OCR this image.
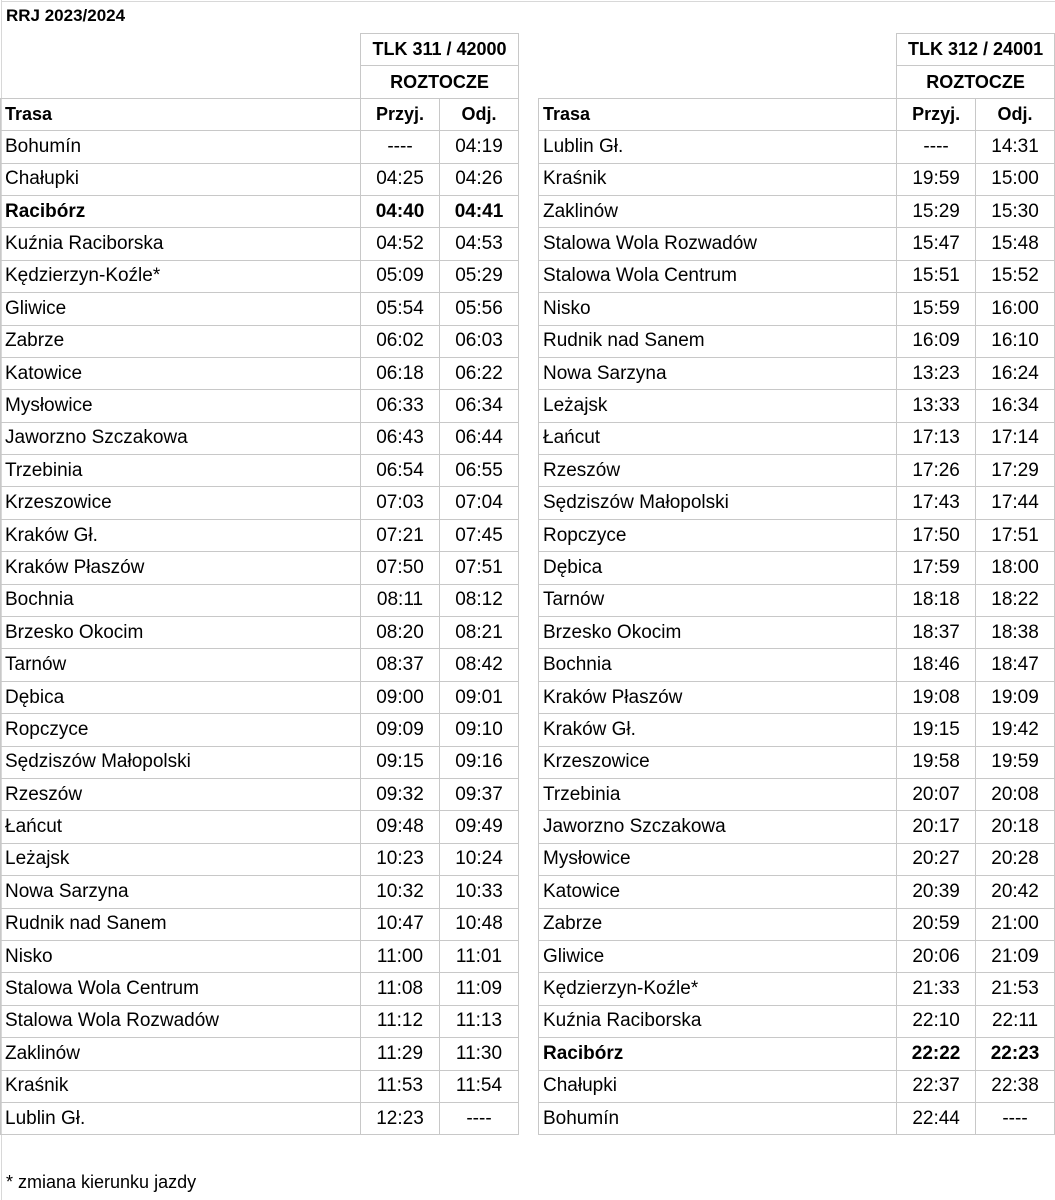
RRJ 2023/2024
	TLK 311 / 42000	
	ROZTOCZE	
Trasa	Przyj.	Odj.
Bohumín	----	04:19
Chałupki	04:25	04:26
Racibórz	04:40	04:41
Kuźnia Raciborska	04:52	04:53
Kędzierzyn-Koźle*	05:09	05:29
Gliwice	05:54	05:56
Zabrze	06:02	06:03
Katowice	06:18	06:22
Mysłowice	06:33	06:34
Jaworzno Szczakowa	06:43	06:44
Trzebinia	06:54	06:55
Krzeszowice	07:03	07:04
Kraków Gł.	07:21	07:45
Kraków Płaszów	07:50	07:51
Bochnia	08:11	08:12
Brzesko Okocim	08:20	08:21
Tarnów	08:37	08:42
Dębica	09:00	09:01
Ropczyce	09:09	09:10
Sędziszów Małopolski	09:15	09:16
Rzeszów	09:32	09:37
Łańcut	09:48	09:49
Leżajsk	10:23	10:24
Nowa Sarzyna	10:32	10:33
Rudnik nad Sanem	10:47	10:48
Nisko	11:00	11:01
Stalowa Wola Centrum	11:08	11:09
Stalowa Wola Rozwadów	11:12	11:13
Zaklinów	11:29	11:30
Kraśnik	11:53	11:54
Lublin Gł.	12:23	----
	TLK 312 / 24001	
	ROZTOCZE	
Trasa	Przyj.	Odj.
Lublin Gł.	----	14:31
Kraśnik	19:59	15:00
Zaklinów	15:29	15:30
Stalowa Wola Rozwadów	15:47	15:48
Stalowa Wola Centrum	15:51	15:52
Nisko	15:59	16:00
Rudnik nad Sanem	16:09	16:10
Nowa Sarzyna	13:23	16:24
Leżajsk	13:33	16:34
Łańcut	17:13	17:14
Rzeszów	17:26	17:29
Sędziszów Małopolski	17:43	17:44
Ropczyce	17:50	17:51
Dębica	17:59	18:00
Tarnów	18:18	18:22
Brzesko Okocim	18:37	18:38
Bochnia	18:46	18:47
Kraków Płaszów	19:08	19:09
Kraków Gł.	19:15	19:42
Krzeszowice	19:58	19:59
Trzebinia	20:07	20:08
Jaworzno Szczakowa	20:17	20:18
Mysłowice	20:27	20:28
Katowice	20:39	20:42
Zabrze	20:59	21:00
Gliwice	20:06	21:09
Kędzierzyn-Koźle*	21:33	21:53
Kuźnia Raciborska	22:10	22:11
Racibórz	22:22	22:23
Chałupki	22:37	22:38
Bohumín	22:44	----
* zmiana kierunku jazdy
